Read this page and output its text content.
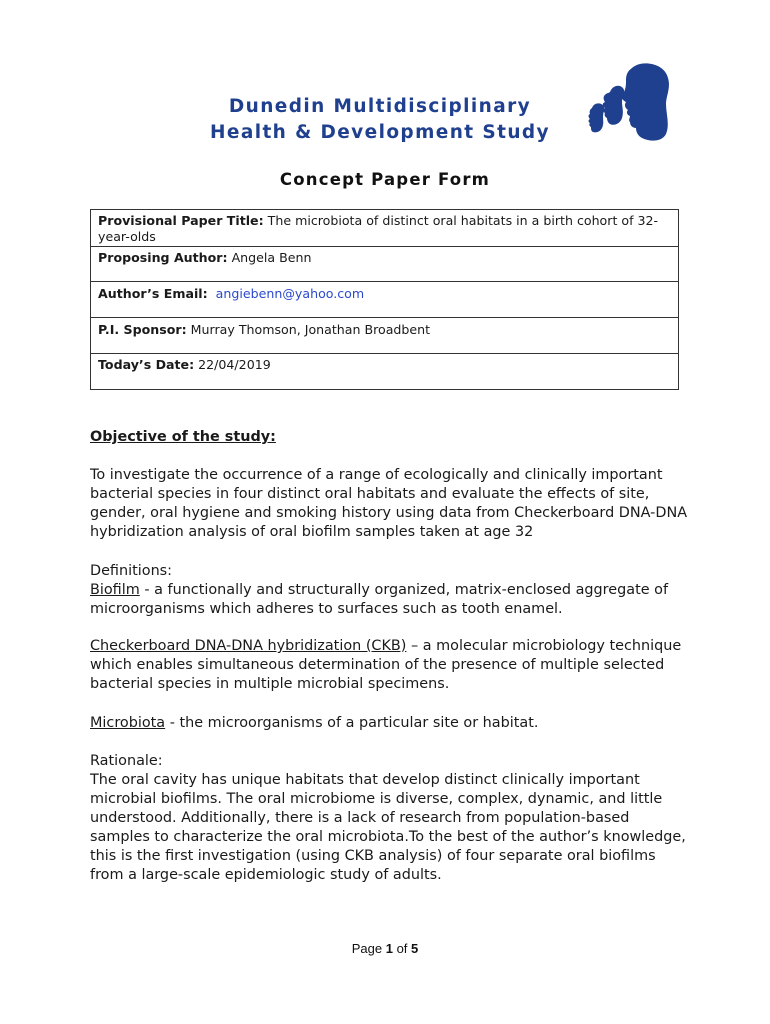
Dunedin Multidisciplinary
Health & Development Study
Concept Paper Form
Provisional Paper Title: The microbiota of distinct oral habitats in a birth cohort of 32-year-olds
Proposing Author: Angela Benn
Author’s Email: angiebenn@yahoo.com
P.I. Sponsor: Murray Thomson, Jonathan Broadbent
Today’s Date: 22/04/2019
Objective of the study:
To investigate the occurrence of a range of ecologically and clinically important bacterial species in four distinct oral habitats and evaluate the effects of site, gender, oral hygiene and smoking history using data from Checkerboard DNA-DNA hybridization analysis of oral biofilm samples taken at age 32
Definitions:
Biofilm - a functionally and structurally organized, matrix-enclosed aggregate of microorganisms which adheres to surfaces such as tooth enamel.
Checkerboard DNA-DNA hybridization (CKB) – a molecular microbiology technique which enables simultaneous determination of the presence of multiple selected bacterial species in multiple microbial specimens.
Microbiota - the microorganisms of a particular site or habitat.
Rationale:
The oral cavity has unique habitats that develop distinct clinically important microbial biofilms. The oral microbiome is diverse, complex, dynamic, and little understood. Additionally, there is a lack of research from population-based samples to characterize the oral microbiota.To the best of the author’s knowledge, this is the first investigation (using CKB analysis) of four separate oral biofilms from a large-scale epidemiologic study of adults.
Page 1 of 5
